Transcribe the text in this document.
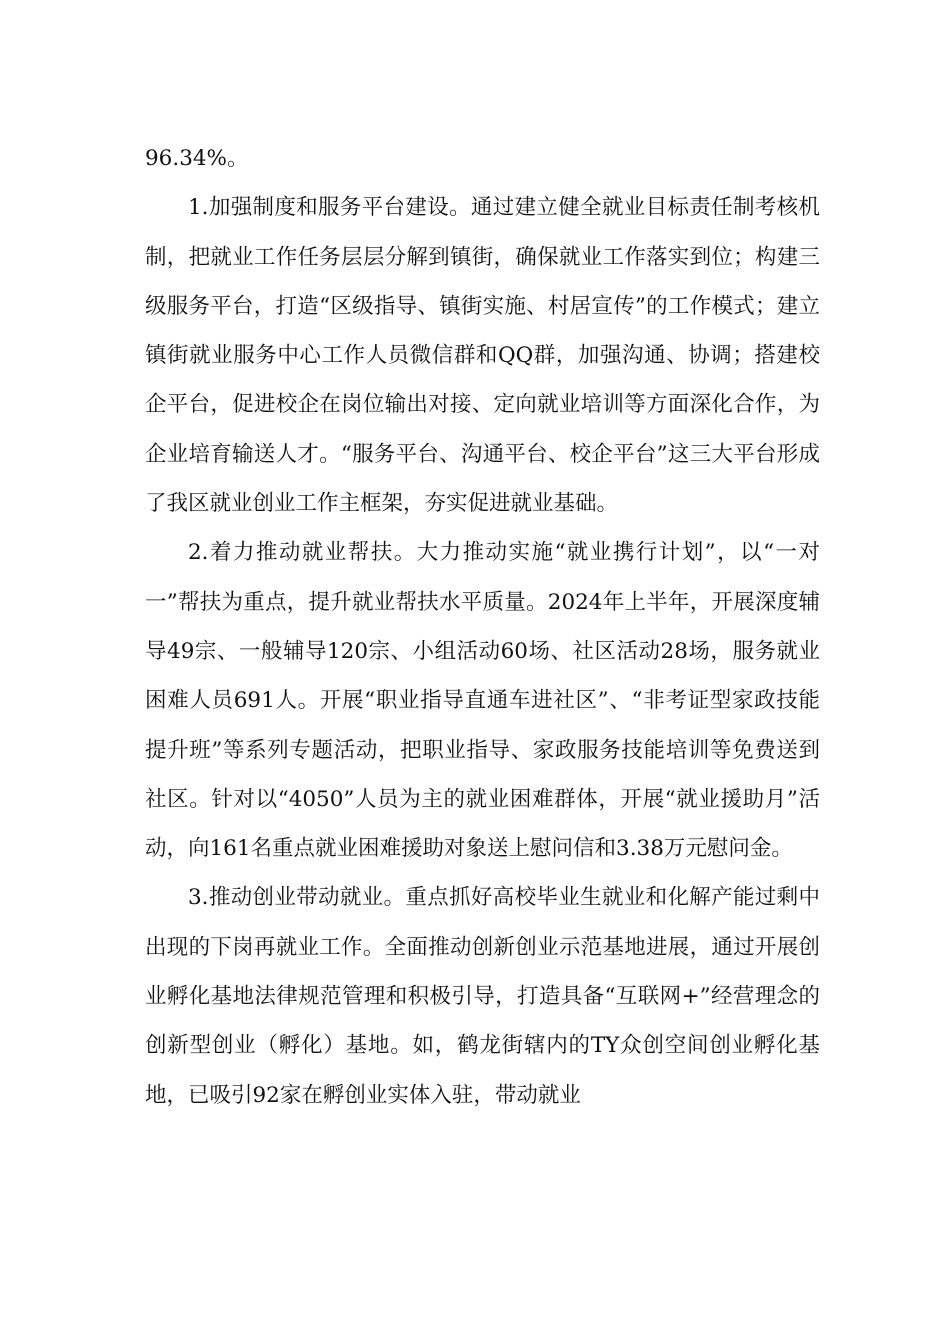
96.34%。

1.加强制度和服务平台建设。通过建立健全就业目标责任制考核机制，把就业工作任务层层分解到镇街，确保就业工作落实到位；构建三级服务平台，打造“区级指导、镇街实施、村居宣传”的工作模式；建立镇街就业服务中心工作人员微信群和QQ群，加强沟通、协调；搭建校企平台，促进校企在岗位输出对接、定向就业培训等方面深化合作，为企业培育输送人才。“服务平台、沟通平台、校企平台”这三大平台形成了我区就业创业工作主框架，夯实促进就业基础。

2.着力推动就业帮扶。大力推动实施“就业携行计划”，以“一对一”帮扶为重点，提升就业帮扶水平质量。2024年上半年，开展深度辅导49宗、一般辅导120宗、小组活动60场、社区活动28场，服务就业困难人员691人。开展“职业指导直通车进社区”、“非考证型家政技能提升班”等系列专题活动，把职业指导、家政服务技能培训等免费送到社区。针对以“4050”人员为主的就业困难群体，开展“就业援助月”活动，向161名重点就业困难援助对象送上慰问信和3.38万元慰问金。

3.推动创业带动就业。重点抓好高校毕业生就业和化解产能过剩中出现的下岗再就业工作。全面推动创新创业示范基地进展，通过开展创业孵化基地法律规范管理和积极引导，打造具备“互联网+”经营理念的创新型创业（孵化）基地。如，鹤龙街辖内的TY众创空间创业孵化基地，已吸引92家在孵创业实体入驻，带动就业
